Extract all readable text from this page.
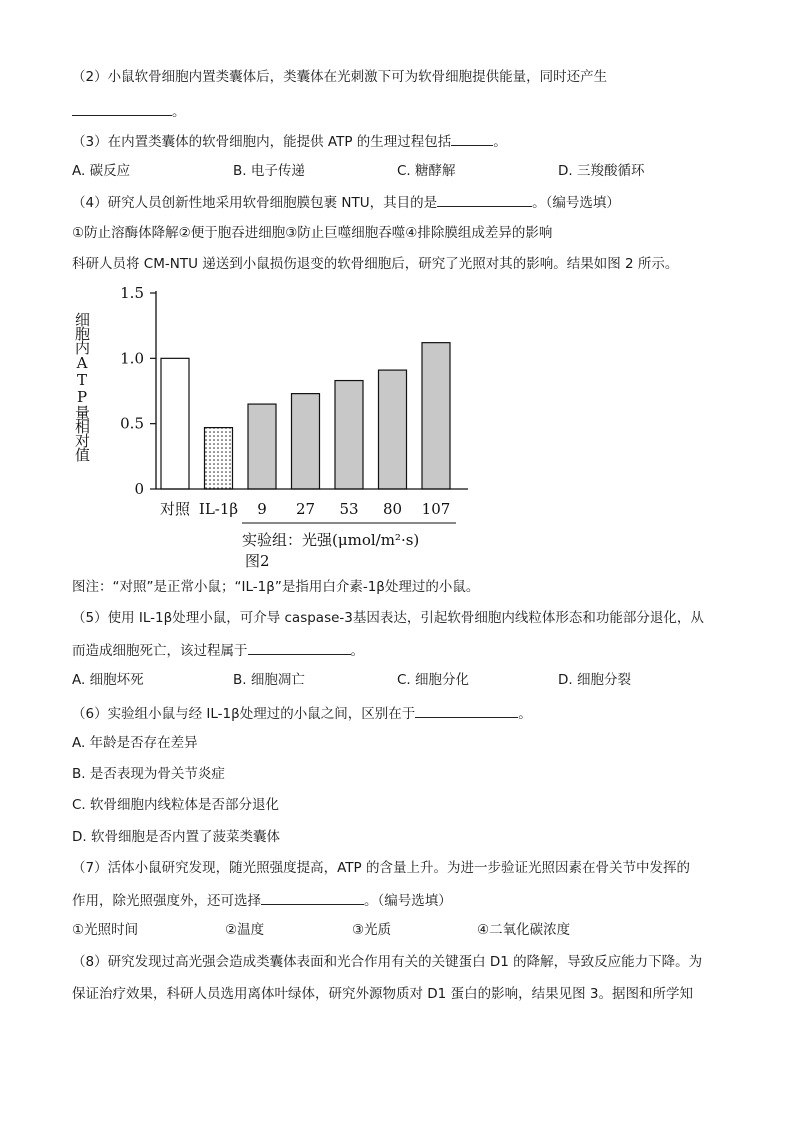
（2）小鼠软骨细胞内置类囊体后，类囊体在光刺激下可为软骨细胞提供能量，同时还产生
。
（3）在内置类囊体的软骨细胞内，能提供 ATP 的生理过程包括	。
A. 碳反应	B. 电子传递	C. 糖酵解	D. 三羧酸循环
（4）研究人员创新性地采用软骨细胞膜包裹 NTU，其目的是	。（编号选填）
①防止溶酶体降解②便于胞吞进细胞③防止巨噬细胞吞噬④排除膜组成差异的影响
科研人员将 CM-NTU 递送到小鼠损伤退变的软骨细胞后，研究了光照对其的影响。结果如图 2 所示。
0
0.5
1.0
1.5
对照 IL-1β 9 27 53 80 107
细胞内ATP量相对值
实验组：光强(μmol/m²·s)
图2
图注：“对照”是正常小鼠；“IL-1β”是指用白介素-1β处理过的小鼠。
（5）使用 IL-1β处理小鼠，可介导 caspase-3基因表达，引起软骨细胞内线粒体形态和功能部分退化，从
而造成细胞死亡，该过程属于	。
A. 细胞坏死	B. 细胞凋亡	C. 细胞分化	D. 细胞分裂
（6）实验组小鼠与经 IL-1β处理过的小鼠之间，区别在于	。
A. 年龄是否存在差异
B. 是否表现为骨关节炎症
C. 软骨细胞内线粒体是否部分退化
D. 软骨细胞是否内置了菠菜类囊体
（7）活体小鼠研究发现，随光照强度提高，ATP 的含量上升。为进一步验证光照因素在骨关节中发挥的
作用，除光照强度外，还可选择	。（编号选填）
①光照时间	②温度	③光质	④二氧化碳浓度
（8）研究发现过高光强会造成类囊体表面和光合作用有关的关键蛋白 D1 的降解，导致反应能力下降。为
保证治疗效果，科研人员选用离体叶绿体，研究外源物质对 D1 蛋白的影响，结果见图 3。据图和所学知
